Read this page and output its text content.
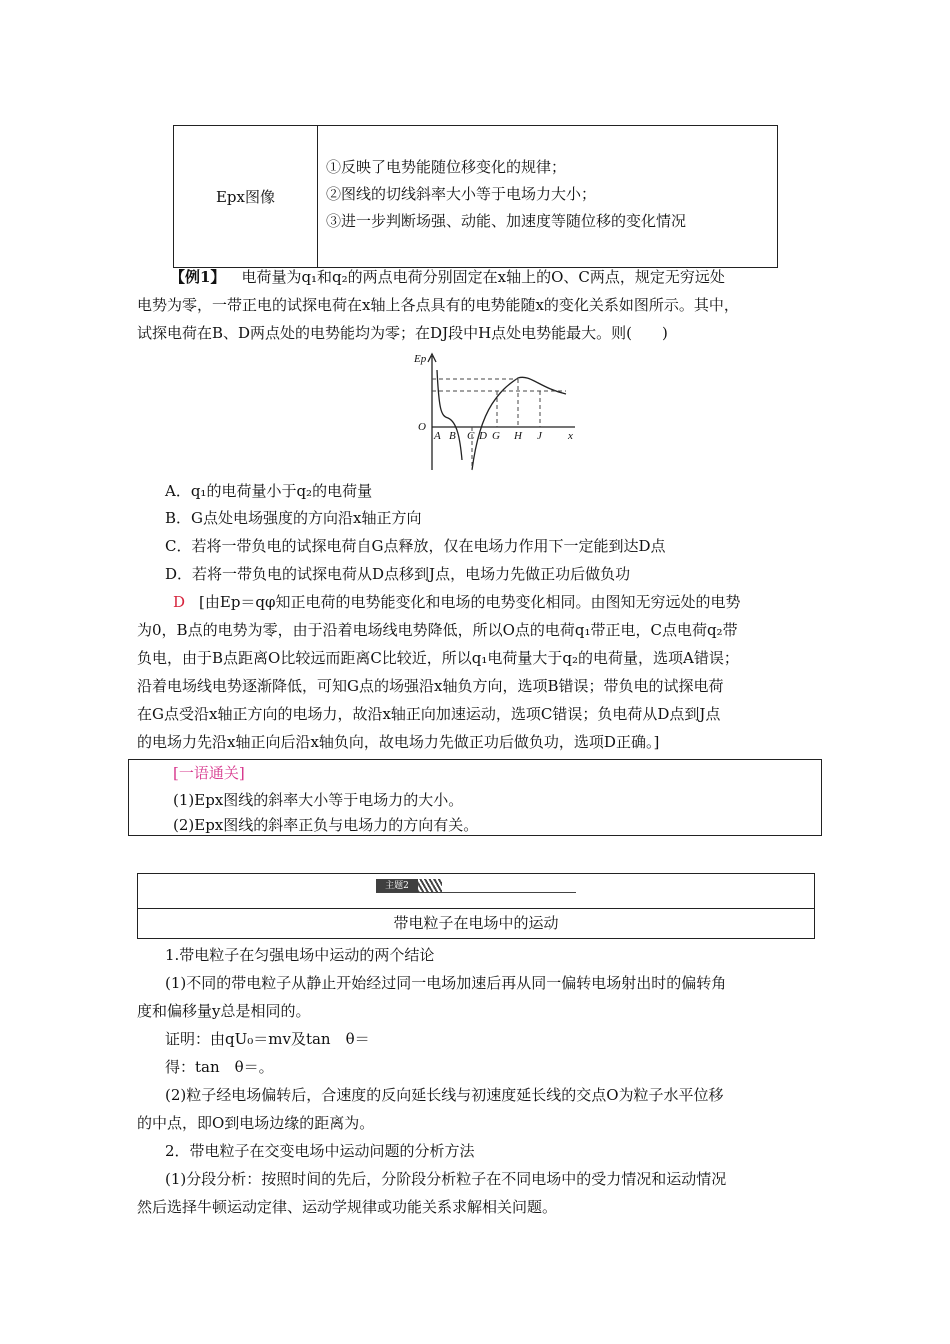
Epx图像
①反映了电势能随位移变化的规律；
②图线的切线斜率大小等于电场力大小；
③进一步判断场强、动能、加速度等随位移的变化情况
【例1】 电荷量为q₁和q₂的两点电荷分别固定在x轴上的O、C两点，规定无穷远处
电势为零，一带正电的试探电荷在x轴上各点具有的电势能随x的变化关系如图所示。其中，
试探电荷在B、D两点处的电势能均为零；在DJ段中H点处电势能最大。则(　　)
Ep
x
O
A B C D G H J
A．q₁的电荷量小于q₂的电荷量
B．G点处电场强度的方向沿x轴正方向
C．若将一带负电的试探电荷自G点释放，仅在电场力作用下一定能到达D点
D．若将一带负电的试探电荷从D点移到J点，电场力先做正功后做负功
D [由Ep＝qφ知正电荷的电势能变化和电场的电势变化相同。由图知无穷远处的电势
为0，B点的电势为零，由于沿着电场线电势降低，所以O点的电荷q₁带正电，C点电荷q₂带
负电，由于B点距离O比较远而距离C比较近，所以q₁电荷量大于q₂的电荷量，选项A错误；
沿着电场线电势逐渐降低，可知G点的场强沿x轴负方向，选项B错误；带负电的试探电荷
在G点受沿x轴正方向的电场力，故沿x轴正向加速运动，选项C错误；负电荷从D点到J点
的电场力先沿x轴正向后沿x轴负向，故电场力先做正功后做负功，选项D正确。]
[一语通关]
(1)Epx图线的斜率大小等于电场力的大小。
(2)Epx图线的斜率正负与电场力的方向有关。
主题2
带电粒子在电场中的运动
1.带电粒子在匀强电场中运动的两个结论
(1)不同的带电粒子从静止开始经过同一电场加速后再从同一偏转电场射出时的偏转角
度和偏移量y总是相同的。
证明：由qU₀＝mv及tan　θ＝
得：tan　θ＝。
(2)粒子经电场偏转后，合速度的反向延长线与初速度延长线的交点O为粒子水平位移
的中点，即O到电场边缘的距离为。
2．带电粒子在交变电场中运动问题的分析方法
(1)分段分析：按照时间的先后，分阶段分析粒子在不同电场中的受力情况和运动情况
然后选择牛顿运动定律、运动学规律或功能关系求解相关问题。
